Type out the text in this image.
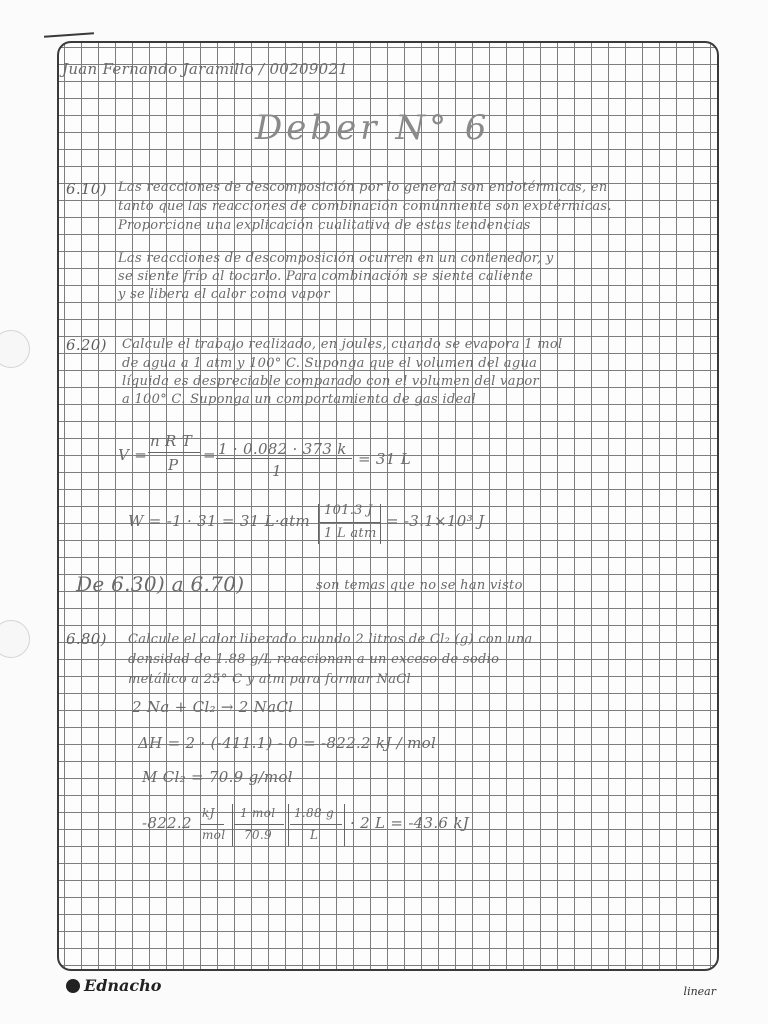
Juan Fernando Jaramillo / 00209021
Deber N° 6
6.10) Las reacciones de descomposición por lo general son endotérmicas, en
tanto que las reacciones de combinación comúnmente son exotérmicas.
Proporcione una explicación cualitativa de estas tendencias
Las reacciones de descomposición ocurren en un contenedor, y
se siente frío al tocarlo. Para combinación se siente caliente
y se libera el calor como vapor
6.20) Calcule el trabajo realizado, en joules, cuando se evapora 1 mol
de agua a 1 atm y 100° C. Suponga que el volumen del agua
líquida es despreciable comparado con el volumen del vapor
a 100° C. Suponga un comportamiento de gas ideal
V =
n R T
P
= 1 · 0.082 · 373 k
1
= 31 L
W = -1 · 31 = 31 L·atm
101.3 J
1 L atm
= -3.1×10³ J
De 6.30) a 6.70)	son temas que no se han visto
6.80) Calcule el calor liberado cuando 2 litros de Cl₂ (g) con una
densidad de 1.88 g/L reaccionan a un exceso de sodio
metálico a 25° C y atm para formar NaCl
2 Na + Cl₂ → 2 NaCl
ΔH = 2 · (-411.1) - 0 = -822.2 kJ / mol
M Cl₂ = 70.9 g/mol
-822.2
kJ
mol
1 mol
70.9
1.88 g
L
· 2 L = -43.6 kJ
Ednacho	linear
